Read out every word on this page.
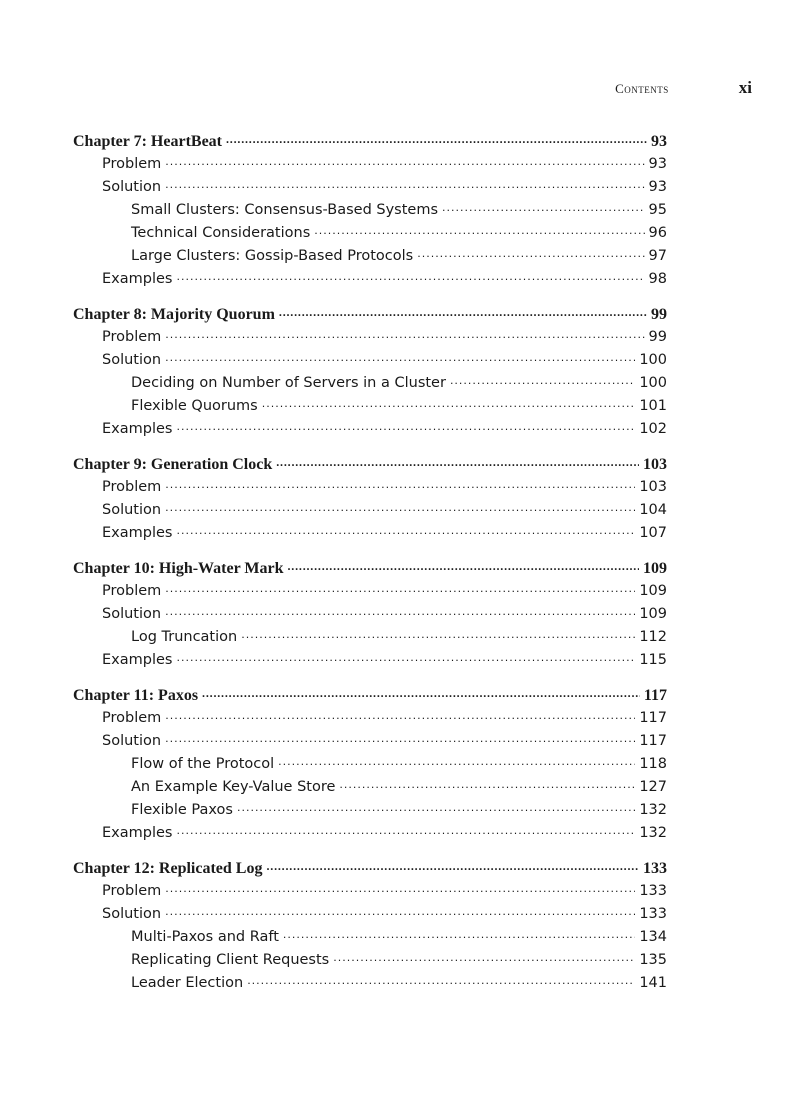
Contents	xi
Chapter 7: HeartBeat .....	93
Problem .....	93
Solution .....	93
Small Clusters: Consensus-Based Systems .....	95
Technical Considerations .....	96
Large Clusters: Gossip-Based Protocols .....	97
Examples .....	98
Chapter 8: Majority Quorum .....	99
Problem .....	99
Solution .....	100
Deciding on Number of Servers in a Cluster .....	100
Flexible Quorums .....	101
Examples .....	102
Chapter 9: Generation Clock .....	103
Problem .....	103
Solution .....	104
Examples .....	107
Chapter 10: High-Water Mark .....	109
Problem .....	109
Solution .....	109
Log Truncation .....	112
Examples .....	115
Chapter 11: Paxos .....	117
Problem .....	117
Solution .....	117
Flow of the Protocol .....	118
An Example Key-Value Store .....	127
Flexible Paxos .....	132
Examples .....	132
Chapter 12: Replicated Log .....	133
Problem .....	133
Solution .....	133
Multi-Paxos and Raft .....	134
Replicating Client Requests .....	135
Leader Election .....	141
